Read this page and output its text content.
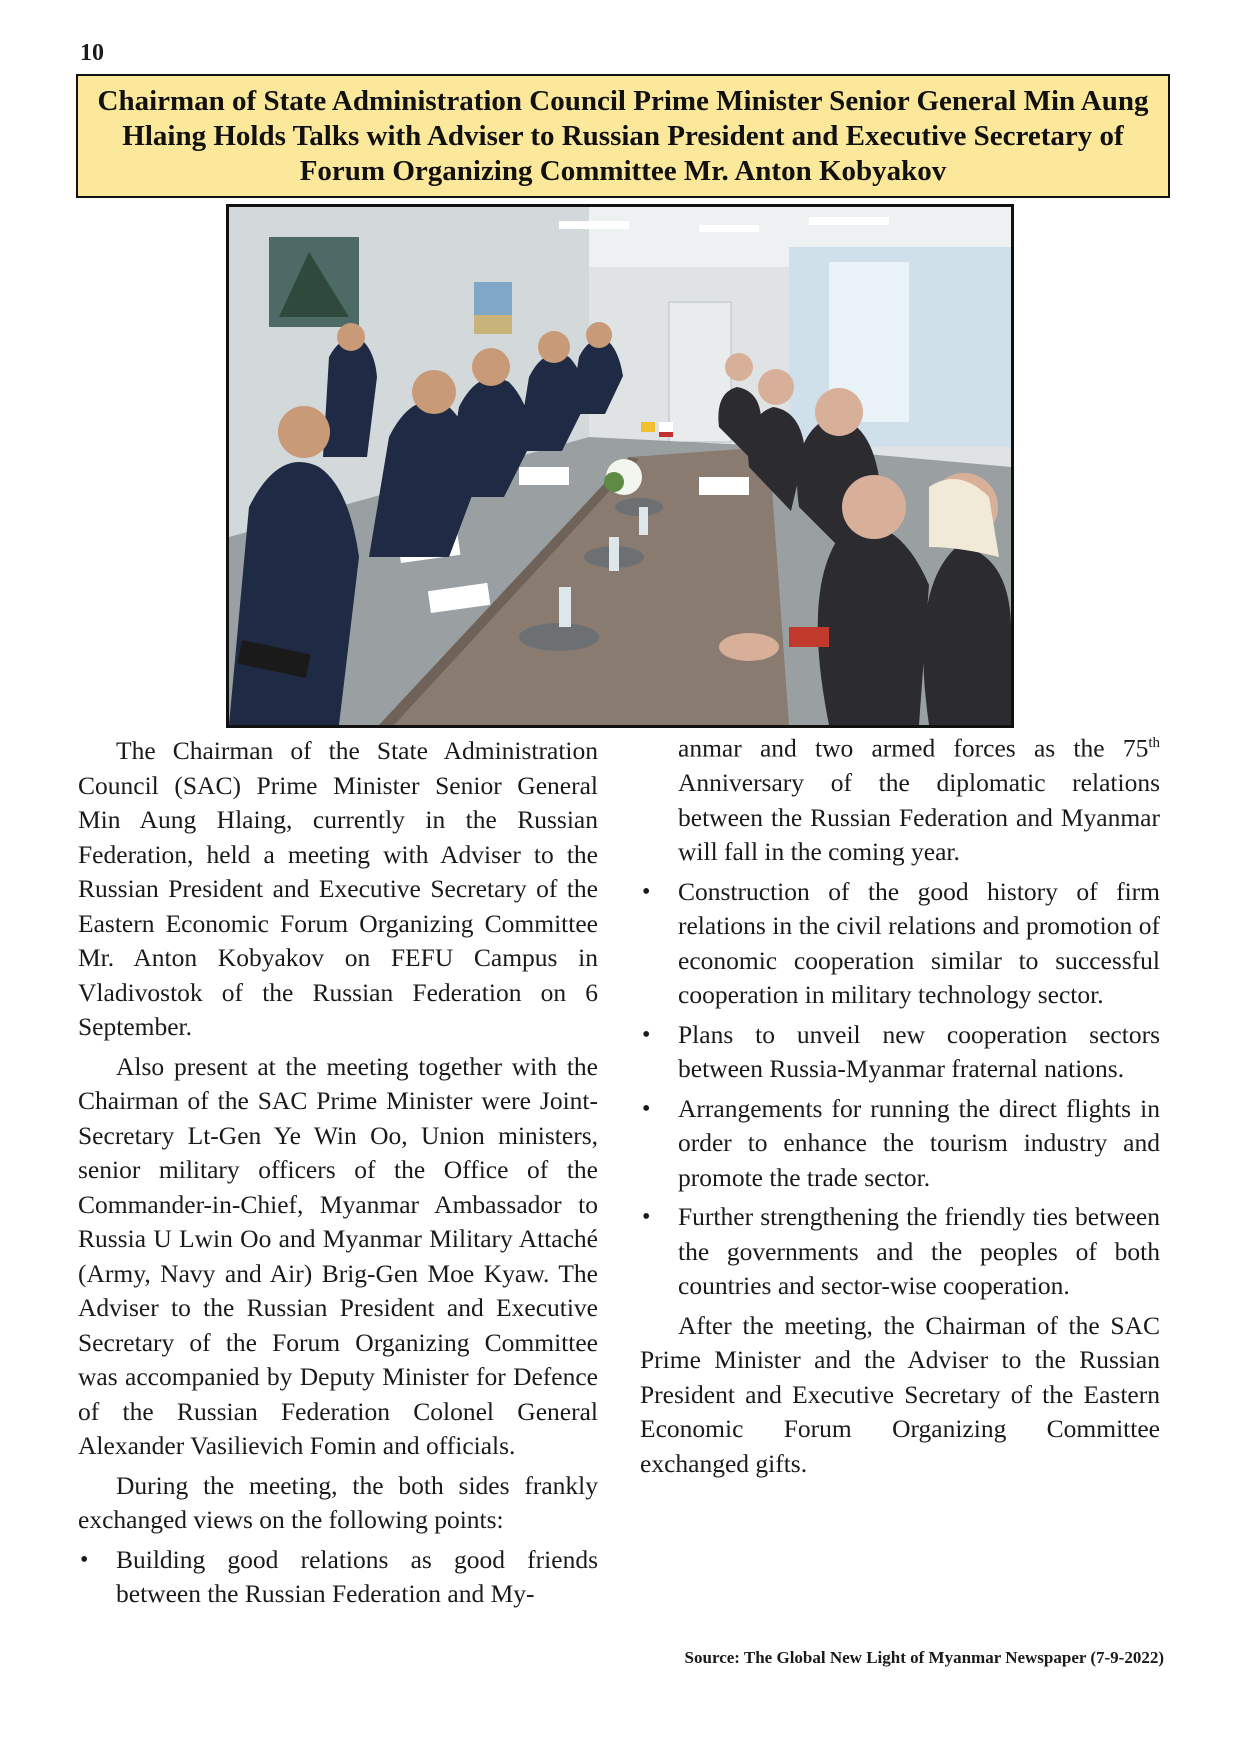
10
Chairman of State Administration Council Prime Minister Senior General Min Aung Hlaing Holds Talks with Adviser to Russian President and Executive Secretary of Forum Organizing Committee Mr. Anton Kobyakov

The Chairman of the State Administration Council (SAC) Prime Minister Senior General Min Aung Hlaing, currently in the Russian Federation, held a meeting with Adviser to the Russian President and Executive Secretary of the Eastern Economic Forum Organizing Committee Mr. Anton Kobyakov on FEFU Campus in Vladivostok of the Russian Federation on 6 September.

Also present at the meeting together with the Chairman of the SAC Prime Minister were Joint-Secretary Lt-Gen Ye Win Oo, Union ministers, senior military officers of the Office of the Commander-in-Chief, Myanmar Ambassador to Russia U Lwin Oo and Myanmar Military Attaché (Army, Navy and Air) Brig-Gen Moe Kyaw. The Adviser to the Russian President and Executive Secretary of the Forum Organizing Committee was accompanied by Deputy Minister for Defence of the Russian Federation Colonel General Alexander Vasilievich Fomin and officials.

During the meeting, the both sides frankly exchanged views on the following points:

• Building good relations as good friends between the Russian Federation and My-

anmar and two armed forces as the 75th Anniversary of the diplomatic relations between the Russian Federation and Myanmar will fall in the coming year.

• Construction of the good history of firm relations in the civil relations and promotion of economic cooperation similar to successful cooperation in military technology sector.
• Plans to unveil new cooperation sectors between Russia-Myanmar fraternal nations.
• Arrangements for running the direct flights in order to enhance the tourism industry and promote the trade sector.
• Further strengthening the friendly ties between the governments and the peoples of both countries and sector-wise cooperation.

After the meeting, the Chairman of the SAC Prime Minister and the Adviser to the Russian President and Executive Secretary of the Eastern Economic Forum Organizing Committee exchanged gifts.

Source: The Global New Light of Myanmar Newspaper (7-9-2022)
